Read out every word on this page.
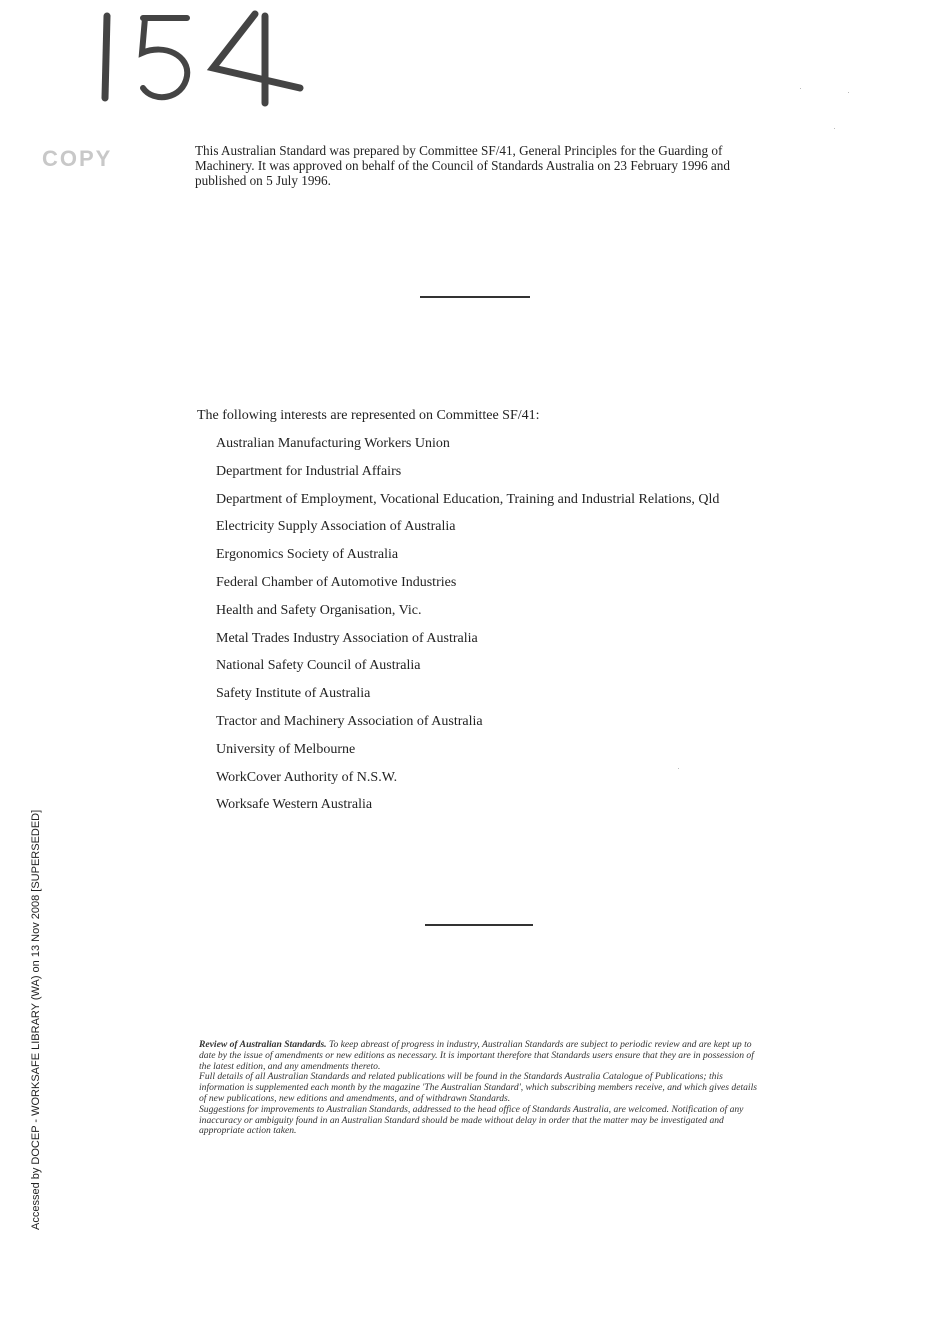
COPY	This Australian Standard was prepared by Committee SF/41, General Principles for the Guarding of Machinery. It was approved on behalf of the Council of Standards Australia on 23 February 1996 and published on 5 July 1996.
The following interests are represented on Committee SF/41:
Australian Manufacturing Workers Union
Department for Industrial Affairs
Department of Employment, Vocational Education, Training and Industrial Relations, Qld
Electricity Supply Association of Australia
Ergonomics Society of Australia
Federal Chamber of Automotive Industries
Health and Safety Organisation, Vic.
Metal Trades Industry Association of Australia
National Safety Council of Australia
Safety Institute of Australia
Tractor and Machinery Association of Australia
University of Melbourne
WorkCover Authority of N.S.W.
Worksafe Western Australia

Review of Australian Standards. To keep abreast of progress in industry, Australian Standards are subject to periodic review and are kept up to date by the issue of amendments or new editions as necessary. It is important therefore that Standards users ensure that they are in possession of the latest edition, and any amendments thereto.

Full details of all Australian Standards and related publications will be found in the Standards Australia Catalogue of Publications; this information is supplemented each month by the magazine 'The Australian Standard', which subscribing members receive, and which gives details of new publications, new editions and amendments, and of withdrawn Standards.

Suggestions for improvements to Australian Standards, addressed to the head office of Standards Australia, are welcomed. Notification of any inaccuracy or ambiguity found in an Australian Standard should be made without delay in order that the matter may be investigated and appropriate action taken.

Accessed by DOCEP - WORKSAFE LIBRARY (WA) on 13 Nov 2008 [SUPERSEDED]
